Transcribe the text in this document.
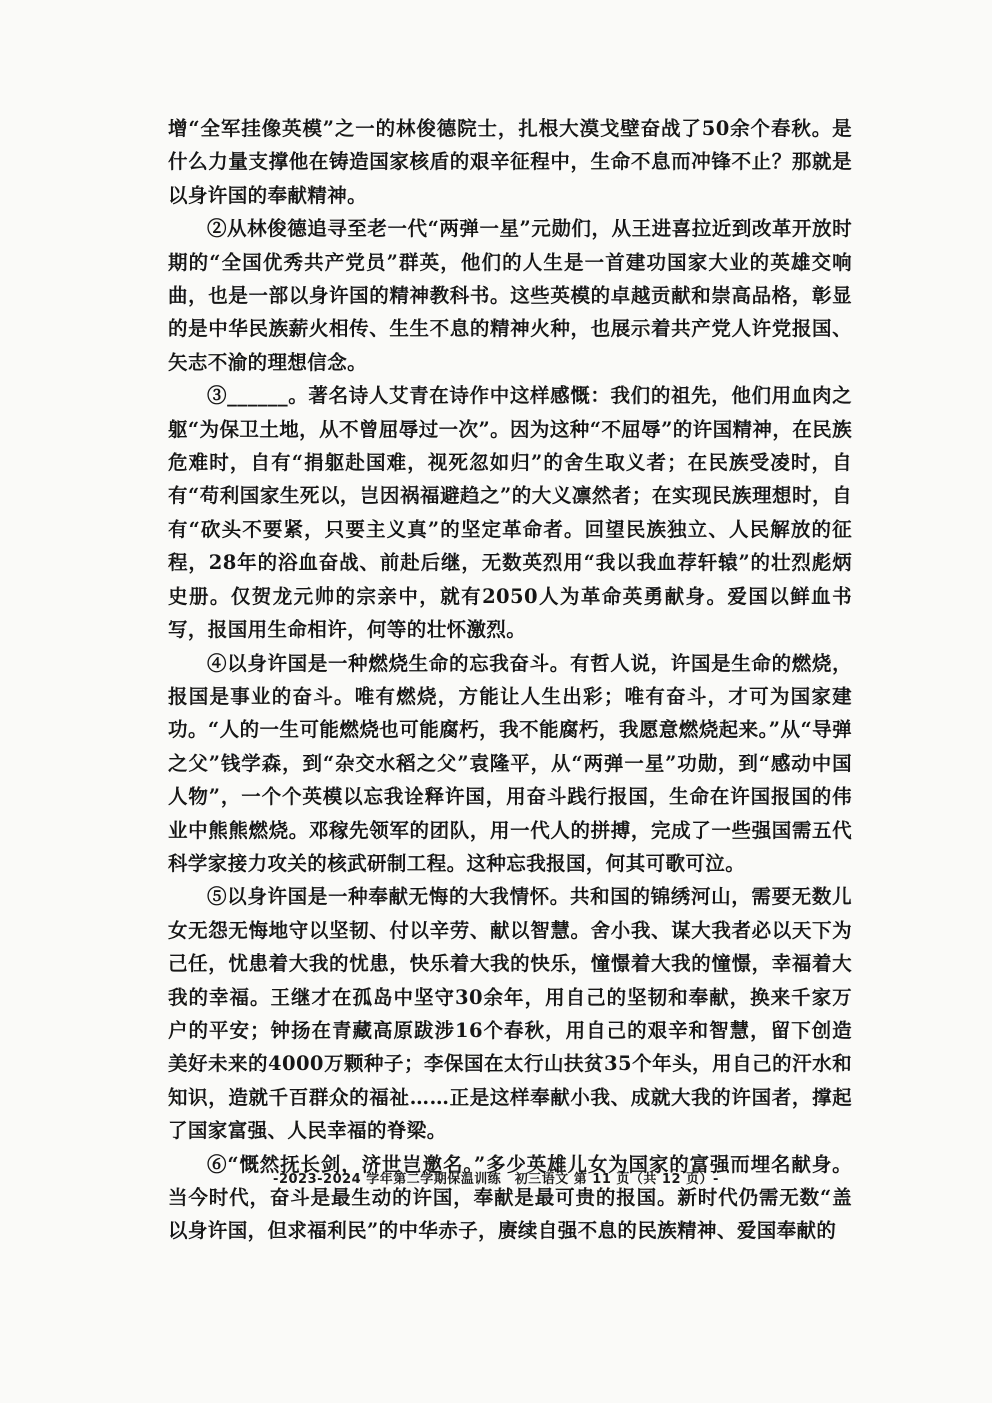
增“全军挂像英模”之一的林俊德院士，扎根大漠戈壁奋战了50余个春秋。是什么力量支撑他在铸造国家核盾的艰辛征程中，生命不息而冲锋不止？那就是以身许国的奉献精神。

②从林俊德追寻至老一代“两弹一星”元勋们，从王进喜拉近到改革开放时期的“全国优秀共产党员”群英，他们的人生是一首建功国家大业的英雄交响曲，也是一部以身许国的精神教科书。这些英模的卓越贡献和崇高品格，彰显的是中华民族薪火相传、生生不息的精神火种，也展示着共产党人许党报国、矢志不渝的理想信念。

③______。著名诗人艾青在诗作中这样感慨：我们的祖先，他们用血肉之躯“为保卫土地，从不曾屈辱过一次”。因为这种“不屈辱”的许国精神，在民族危难时，自有“捐躯赴国难，视死忽如归”的舍生取义者；在民族受凌时，自有“苟利国家生死以，岂因祸福避趋之”的大义凛然者；在实现民族理想时，自有“砍头不要紧，只要主义真”的坚定革命者。回望民族独立、人民解放的征程，28年的浴血奋战、前赴后继，无数英烈用“我以我血荐轩辕”的壮烈彪炳史册。仅贺龙元帅的宗亲中，就有2050人为革命英勇献身。爱国以鲜血书写，报国用生命相许，何等的壮怀激烈。

④以身许国是一种燃烧生命的忘我奋斗。有哲人说，许国是生命的燃烧，报国是事业的奋斗。唯有燃烧，方能让人生出彩；唯有奋斗，才可为国家建功。“人的一生可能燃烧也可能腐朽，我不能腐朽，我愿意燃烧起来。”从“导弹之父”钱学森，到“杂交水稻之父”袁隆平，从“两弹一星”功勋，到“感动中国人物”，一个个英模以忘我诠释许国，用奋斗践行报国，生命在许国报国的伟业中熊熊燃烧。邓稼先领军的团队，用一代人的拼搏，完成了一些强国需五代科学家接力攻关的核武研制工程。这种忘我报国，何其可歌可泣。

⑤以身许国是一种奉献无悔的大我情怀。共和国的锦绣河山，需要无数儿女无怨无悔地守以坚韧、付以辛劳、献以智慧。舍小我、谋大我者必以天下为己任，忧患着大我的忧患，快乐着大我的快乐，憧憬着大我的憧憬，幸福着大我的幸福。王继才在孤岛中坚守30余年，用自己的坚韧和奉献，换来千家万户的平安；钟扬在青藏高原跋涉16个春秋，用自己的艰辛和智慧，留下创造美好未来的4000万颗种子；李保国在太行山扶贫35个年头，用自己的汗水和知识，造就千百群众的福祉……正是这样奉献小我、成就大我的许国者，撑起了国家富强、人民幸福的脊梁。

⑥“慨然抚长剑，济世岂邀名。”多少英雄儿女为国家的富强而埋名献身。当今时代，奋斗是最生动的许国，奉献是最可贵的报国。新时代仍需无数“盖以身许国，但求福利民”的中华赤子，赓续自强不息的民族精神、爱国奉献的

-2023-2024 学年第二学期保温训练　初三语文 第 11 页（共 12 页）-
